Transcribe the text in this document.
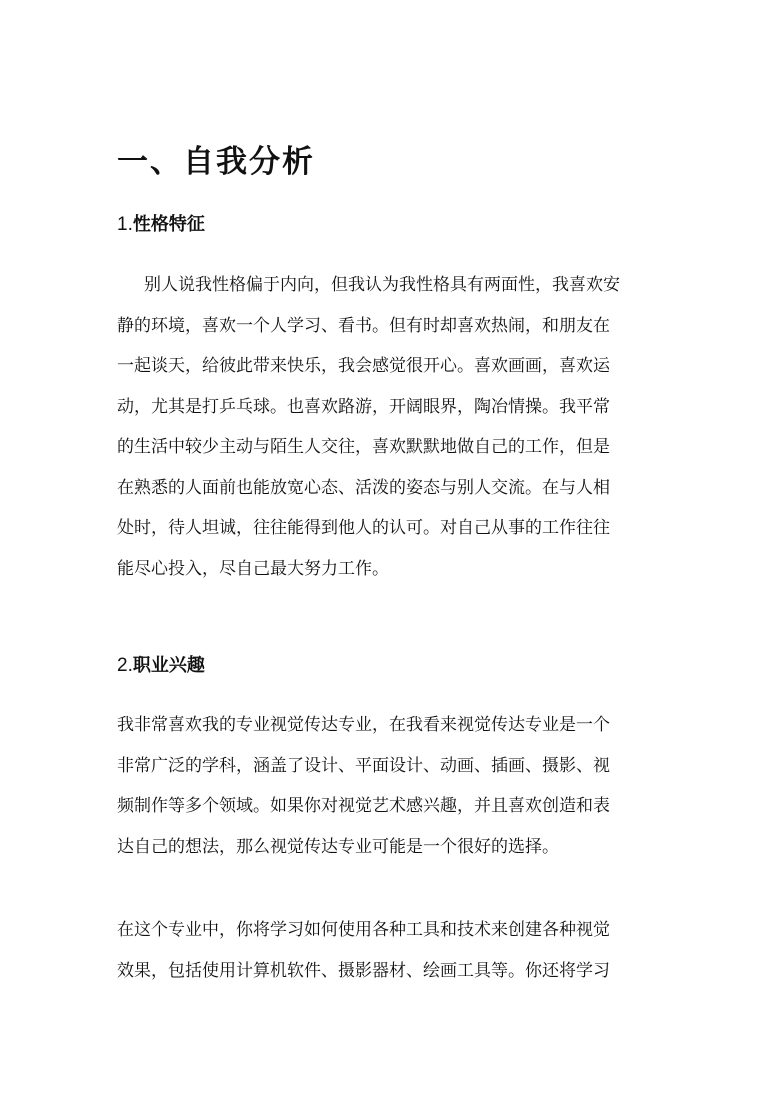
一、自我分析
1.性格特征
别人说我性格偏于内向，但我认为我性格具有两面性，我喜欢安
静的环境，喜欢一个人学习、看书。但有时却喜欢热闹，和朋友在
一起谈天，给彼此带来快乐，我会感觉很开心。喜欢画画，喜欢运
动，尤其是打乒乓球。也喜欢路游，开阔眼界，陶冶情操。我平常
的生活中较少主动与陌生人交往，喜欢默默地做自己的工作，但是
在熟悉的人面前也能放宽心态、活泼的姿态与别人交流。在与人相
处时，待人坦诚，往往能得到他人的认可。对自己从事的工作往往
能尽心投入，尽自己最大努力工作。
2.职业兴趣
我非常喜欢我的专业视觉传达专业，在我看来视觉传达专业是一个
非常广泛的学科，涵盖了设计、平面设计、动画、插画、摄影、视
频制作等多个领域。如果你对视觉艺术感兴趣，并且喜欢创造和表
达自己的想法，那么视觉传达专业可能是一个很好的选择。
在这个专业中，你将学习如何使用各种工具和技术来创建各种视觉
效果，包括使用计算机软件、摄影器材、绘画工具等。你还将学习
